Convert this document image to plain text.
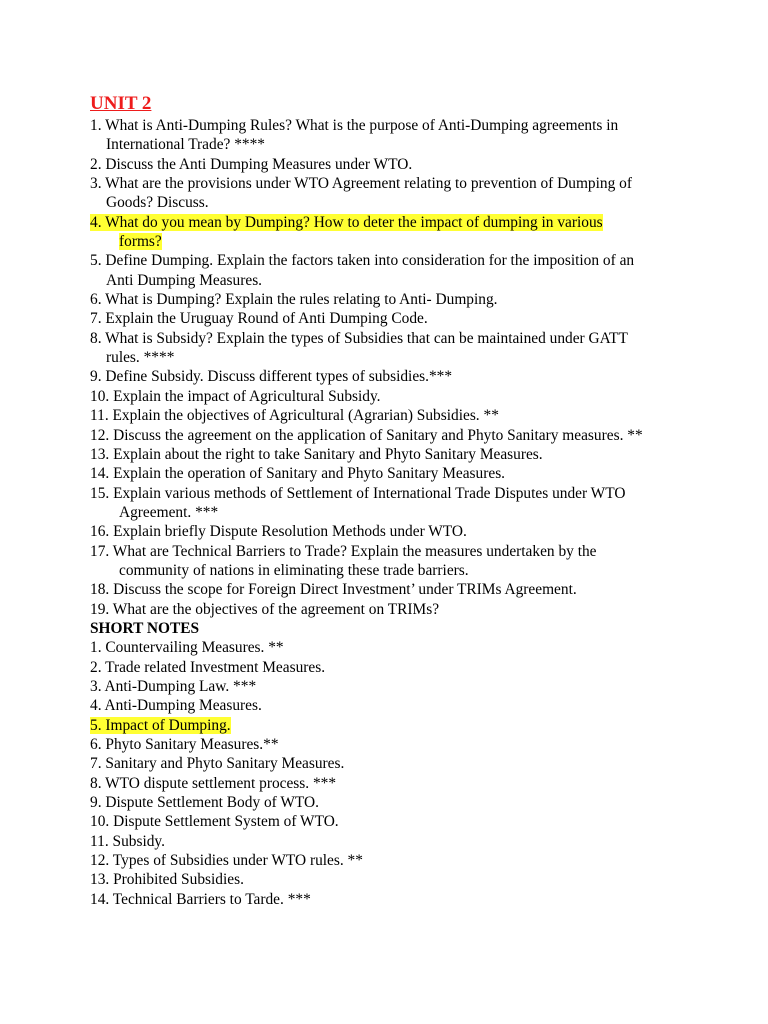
UNIT 2
1. What is Anti-Dumping Rules? What is the purpose of Anti-Dumping agreements in
International Trade? ****
2. Discuss the Anti Dumping Measures under WTO.
3. What are the provisions under WTO Agreement relating to prevention of Dumping of
Goods? Discuss.
4. What do you mean by Dumping? How to deter the impact of dumping in various
forms?
5. Define Dumping. Explain the factors taken into consideration for the imposition of an
Anti Dumping Measures.
6. What is Dumping? Explain the rules relating to Anti- Dumping.
7. Explain the Uruguay Round of Anti Dumping Code.
8. What is Subsidy? Explain the types of Subsidies that can be maintained under GATT
rules. ****
9. Define Subsidy. Discuss different types of subsidies.***
10. Explain the impact of Agricultural Subsidy.
11. Explain the objectives of Agricultural (Agrarian) Subsidies. **
12. Discuss the agreement on the application of Sanitary and Phyto Sanitary measures. **
13. Explain about the right to take Sanitary and Phyto Sanitary Measures.
14. Explain the operation of Sanitary and Phyto Sanitary Measures.
15. Explain various methods of Settlement of International Trade Disputes under WTO
Agreement. ***
16. Explain briefly Dispute Resolution Methods under WTO.
17. What are Technical Barriers to Trade? Explain the measures undertaken by the
community of nations in eliminating these trade barriers.
18. Discuss the scope for Foreign Direct Investment’ under TRIMs Agreement.
19. What are the objectives of the agreement on TRIMs?
SHORT NOTES
1. Countervailing Measures. **
2. Trade related Investment Measures.
3. Anti-Dumping Law. ***
4. Anti-Dumping Measures.
5. Impact of Dumping.
6. Phyto Sanitary Measures.**
7. Sanitary and Phyto Sanitary Measures.
8. WTO dispute settlement process. ***
9. Dispute Settlement Body of WTO.
10. Dispute Settlement System of WTO.
11. Subsidy.
12. Types of Subsidies under WTO rules. **
13. Prohibited Subsidies.
14. Technical Barriers to Tarde. ***
